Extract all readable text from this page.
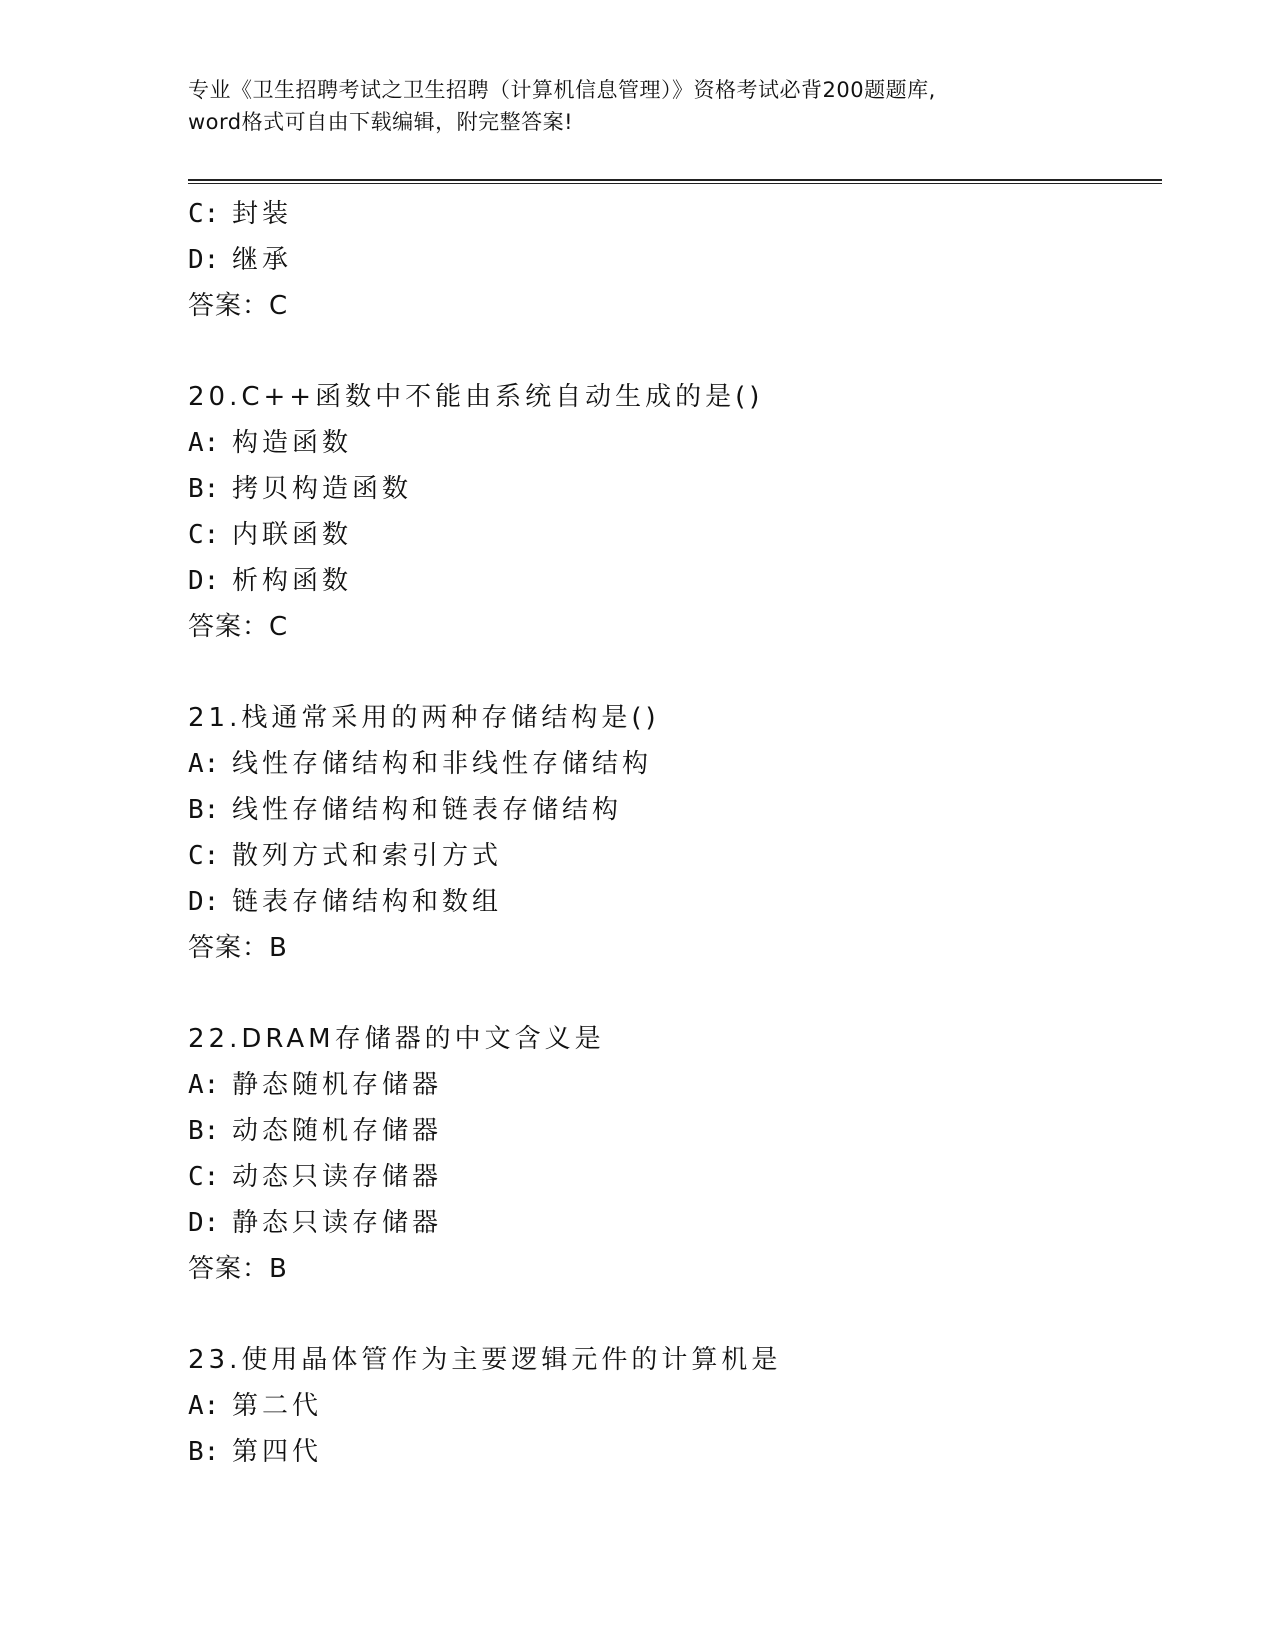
专业《卫生招聘考试之卫生招聘（计算机信息管理）》资格考试必背200题题库,
word格式可自由下载编辑，附完整答案!
C: 封装
D: 继承
答案：C
20.C++函数中不能由系统自动生成的是()
A: 构造函数
B: 拷贝构造函数
C: 内联函数
D: 析构函数
答案：C
21.栈通常采用的两种存储结构是()
A: 线性存储结构和非线性存储结构
B: 线性存储结构和链表存储结构
C: 散列方式和索引方式
D: 链表存储结构和数组
答案：B
22.DRAM存储器的中文含义是
A: 静态随机存储器
B: 动态随机存储器
C: 动态只读存储器
D: 静态只读存储器
答案：B
23.使用晶体管作为主要逻辑元件的计算机是
A: 第二代
B: 第四代
